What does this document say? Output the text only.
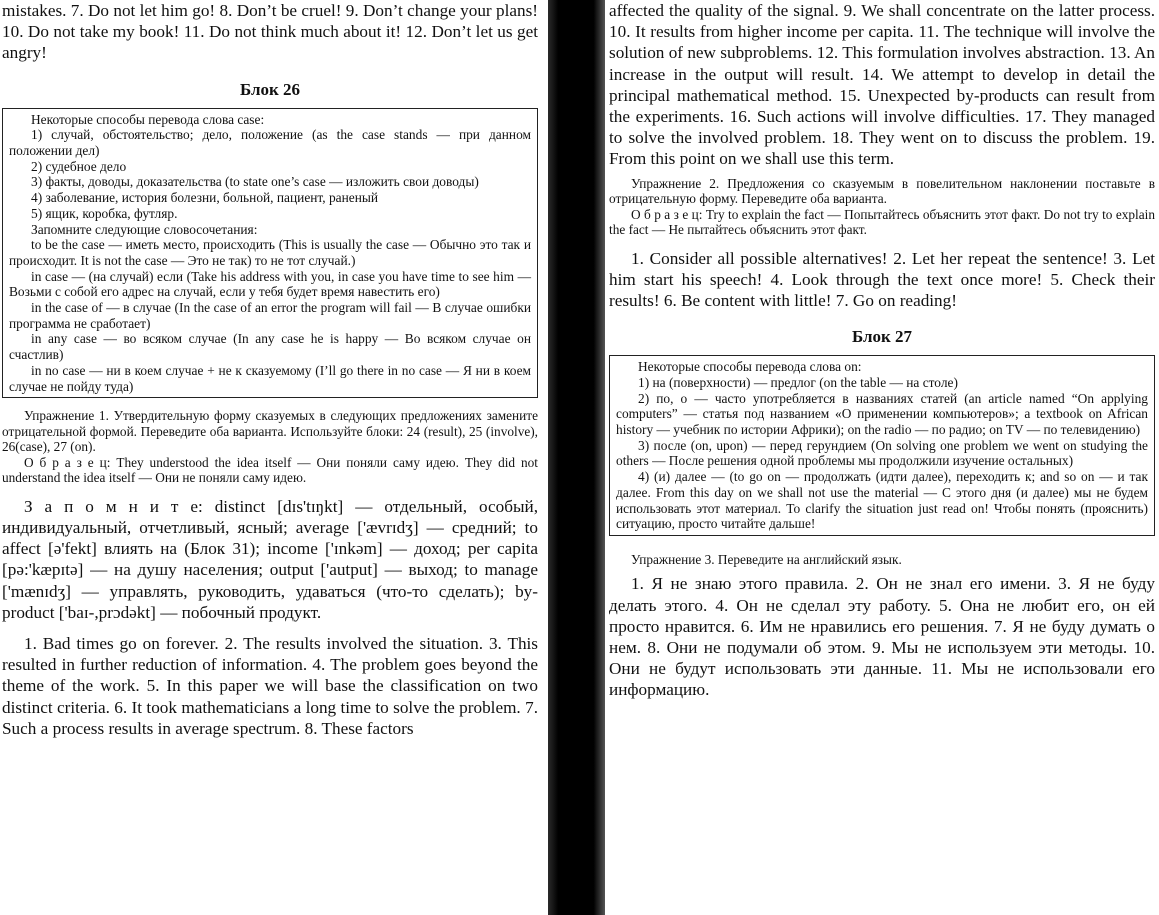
mistakes. 7. Do not let him go! 8. Don’t be cruel! 9. Don’t change your plans! 10. Do not take my book! 11. Do not think much about it! 12. Don’t let us get angry!

Блок 26

Некоторые способы перевода слова case:

1) случай, обстоятельство; дело, положение (as the case stands — при данном положении дел)

2) судебное дело

3) факты, доводы, доказательства (to state one’s case — изложить свои доводы)

4) заболевание, история болезни, больной, пациент, раненый

5) ящик, коробка, футляр.

Запомните следующие словосочетания:

to be the case — иметь место, происходить (This is usually the case — Обычно это так и происходит. It is not the case — Это не так) то не тот случай.)

in case — (на случай) если (Take his address with you, in case you have time to see him — Возьми с собой его адрес на случай, если у тебя будет время навестить его)

in the case of — в случае (In the case of an error the program will fail — В случае ошибки программа не сработает)

in any case — во всяком случае (In any case he is happy — Во всяком случае он счастлив)

in no case — ни в коем случае + не к сказуемому (I’ll go there in no case — Я ни в коем случае не пойду туда)

Упражнение 1. Утвердительную форму сказуемых в следующих предложениях замените отрицательной формой. Переведите оба варианта. Используйте блоки: 24 (result), 25 (involve), 26(case), 27 (on).

О б р а з е ц: They understood the idea itself — Они поняли саму идею. They did not understand the idea itself — Они не поняли саму идею.

З а п о м н и т е: distinct [dɪs'tɪŋkt] — отдельный, особый, индивидуальный, отчетливый, ясный; average ['ævrɪdʒ] — средний; to affect [ə'fekt] влиять на (Блок 31); income ['ɪnkəm] — доход; per capita [pə:'kæpɪtə] — на душу населения; output ['autput] — выход; to manage ['mænɪdʒ] — управлять, руководить, удаваться (что-то сделать); by-product ['baɪ-,prɔdəkt] — побочный продукт.

1. Bad times go on forever. 2. The results involved the situation. 3. This resulted in further reduction of information. 4. The problem goes beyond the theme of the work. 5. In this paper we will base the classification on two distinct criteria. 6. It took mathematicians a long time to solve the problem. 7. Such a process results in average spectrum. 8. These factors

affected the quality of the signal. 9. We shall concentrate on the latter process. 10. It results from higher income per capita. 11. The technique will involve the solution of new subproblems. 12. This formulation involves abstraction. 13. An increase in the output will result. 14. We attempt to develop in detail the principal mathematical method. 15. Unexpected by-products can result from the experiments. 16. Such actions will involve difficulties. 17. They managed to solve the involved problem. 18. They went on to discuss the problem. 19. From this point on we shall use this term.

Упражнение 2. Предложения со сказуемым в повелительном наклонении поставьте в отрицательную форму. Переведите оба варианта.

О б р а з е ц: Try to explain the fact — Попытайтесь объяснить этот факт. Do not try to explain the fact — Не пытайтесь объяснить этот факт.

1. Consider all possible alternatives! 2. Let her repeat the sentence! 3. Let him start his speech! 4. Look through the text once more! 5. Check their results! 6. Be content with little! 7. Go on reading!

Блок 27

Некоторые способы перевода слова on:

1) на (поверхности) — предлог (on the table — на столе)

2) по, о — часто употребляется в названиях статей (an article named “On applying computers” — статья под названием «О применении компьютеров»; a textbook on African history — учебник по истории Африки); on the radio — по радио; on TV — по телевидению)

3) после (on, upon) — перед герундием (On solving one problem we went on studying the others — После решения одной проблемы мы продолжили изучение остальных)

4) (и) далее — (to go on — продолжать (идти далее), переходить к; and so on — и так далее. From this day on we shall not use the material — С этого дня (и далее) мы не будем использовать этот материал. To clarify the situation just read on! Чтобы понять (прояснить) ситуацию, просто читайте дальше!

Упражнение 3. Переведите на английский язык.

1. Я не знаю этого правила. 2. Он не знал его имени. 3. Я не буду делать этого. 4. Он не сделал эту работу. 5. Она не любит его, он ей просто нравится. 6. Им не нравились его решения. 7. Я не буду думать о нем. 8. Они не подумали об этом. 9. Мы не используем эти методы. 10. Они не будут использовать эти данные. 11. Мы не использовали его информацию.
